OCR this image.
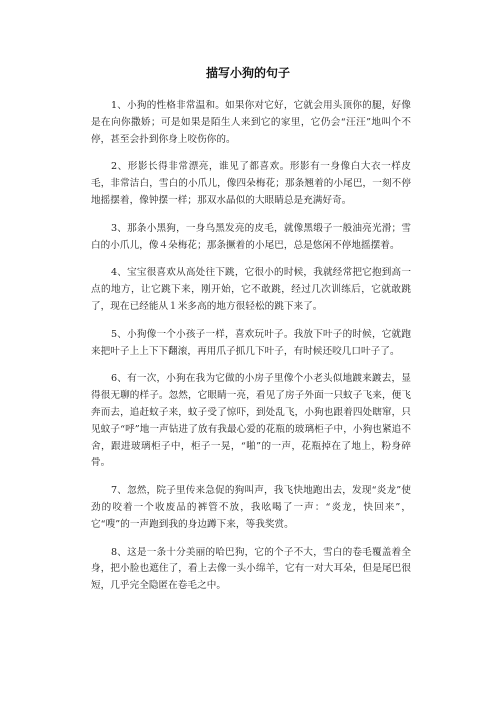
描写小狗的句子

1、小狗的性格非常温和。如果你对它好，它就会用头顶你的腿，好像是在向你撒娇；可是如果是陌生人来到它的家里，它仍会“汪汪”地叫个不停，甚至会扑到你身上咬伤你的。

2、形影长得非常漂亮，谁见了都喜欢。形影有一身像白大衣一样皮毛，非常洁白，雪白的小爪儿，像四朵梅花；那条翘着的小尾巴，一刻不停地摇摆着，像钟摆一样；那双水晶似的大眼睛总是充满好奇。

3、那条小黑狗，一身乌黑发亮的皮毛，就像黑缎子一般油亮光滑；雪白的小爪儿，像４朵梅花；那条撅着的小尾巴，总是悠闲不停地摇摆着。

4、宝宝很喜欢从高处往下跳，它很小的时候，我就经常把它抱到高一点的地方，让它跳下来，刚开始，它不敢跳，经过几次训练后，它就敢跳了，现在已经能从１米多高的地方很轻松的跳下来了。

5、小狗像一个小孩子一样，喜欢玩叶子。我放下叶子的时候，它就跑来把叶子上上下下翻滚，再用爪子抓几下叶子，有时候还咬几口叶子了。

6、有一次，小狗在我为它做的小房子里像个小老头似地踱来踱去，显得很无聊的样子。忽然，它眼睛一亮，看见了房子外面一只蚊子飞来，便飞奔而去，追赶蚊子来，蚊子受了惊吓，到处乱飞，小狗也跟着四处瞎窜，只见蚊子“呼”地一声钻进了放有我最心爱的花瓶的玻璃柜子中，小狗也紧追不舍，跟进玻璃柜子中，柜子一晃，“啪”的一声，花瓶掉在了地上，粉身碎骨。

7、忽然，院子里传来急促的狗叫声，我飞快地跑出去，发现“炎龙”使劲的咬着一个收废品的裤管不放，我吆喝了一声：“炎龙，快回来”，它“嗖”的一声跑到我的身边蹲下来，等我奖赏。

8、这是一条十分美丽的哈巴狗，它的个子不大，雪白的卷毛覆盖着全身，把小脸也遮住了，看上去像一头小绵羊，它有一对大耳朵，但是尾巴很短，几乎完全隐匿在卷毛之中。
